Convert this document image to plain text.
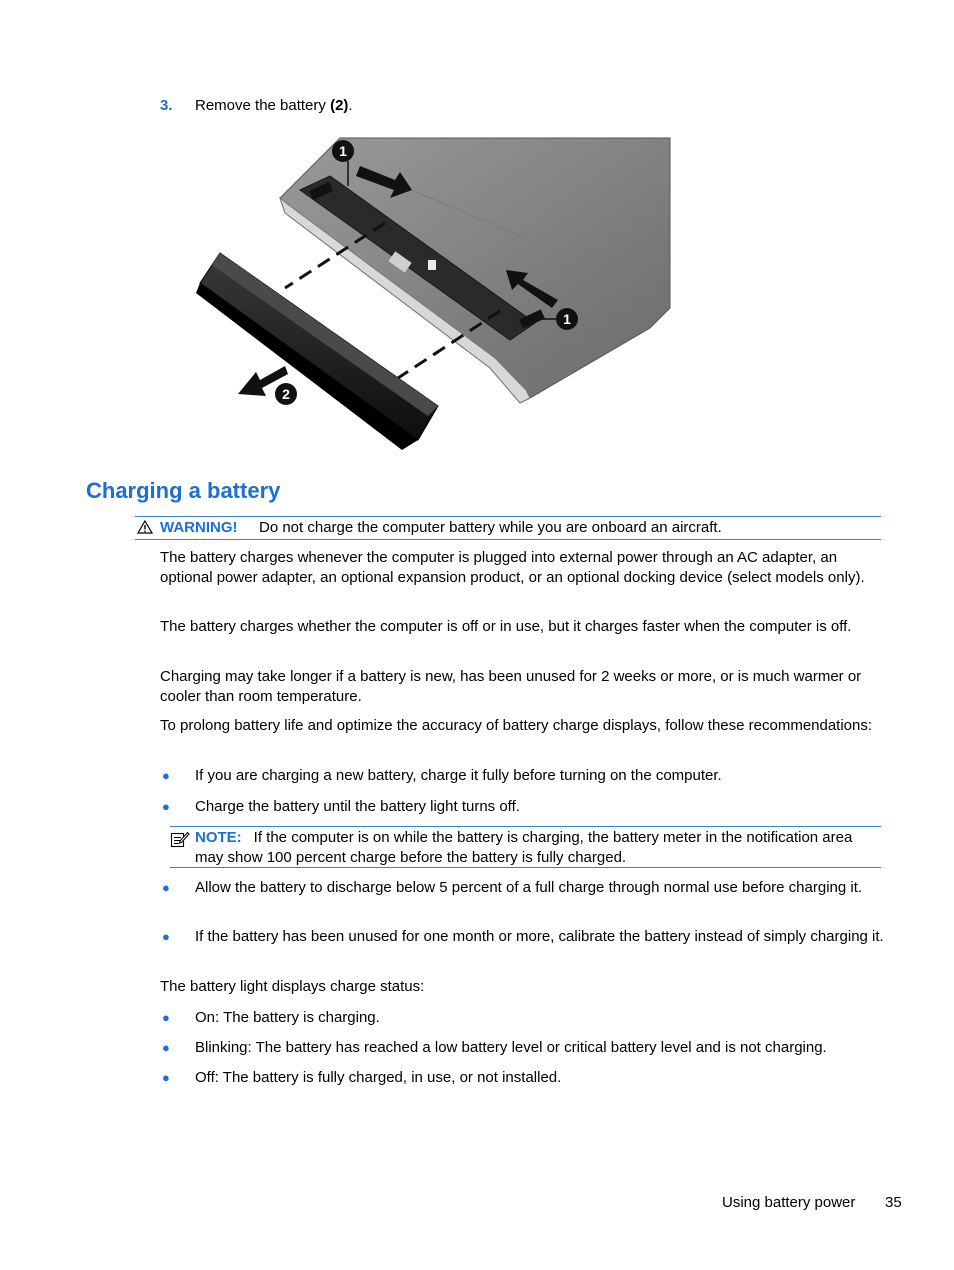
3. Remove the battery (2).
1
1
2
Charging a battery
WARNING! Do not charge the computer battery while you are onboard an aircraft.

The battery charges whenever the computer is plugged into external power through an AC adapter, an optional power adapter, an optional expansion product, or an optional docking device (select models only).

The battery charges whether the computer is off or in use, but it charges faster when the computer is off.

Charging may take longer if a battery is new, has been unused for 2 weeks or more, or is much warmer or cooler than room temperature.

To prolong battery life and optimize the accuracy of battery charge displays, follow these recommendations:

● If you are charging a new battery, charge it fully before turning on the computer.

● Charge the battery until the battery light turns off.

NOTE: If the computer is on while the battery is charging, the battery meter in the notification area may show 100 percent charge before the battery is fully charged.

● Allow the battery to discharge below 5 percent of a full charge through normal use before charging it.

● If the battery has been unused for one month or more, calibrate the battery instead of simply charging it.

The battery light displays charge status:

● On: The battery is charging.

● Blinking: The battery has reached a low battery level or critical battery level and is not charging.

● Off: The battery is fully charged, in use, or not installed.

Using battery power 35
